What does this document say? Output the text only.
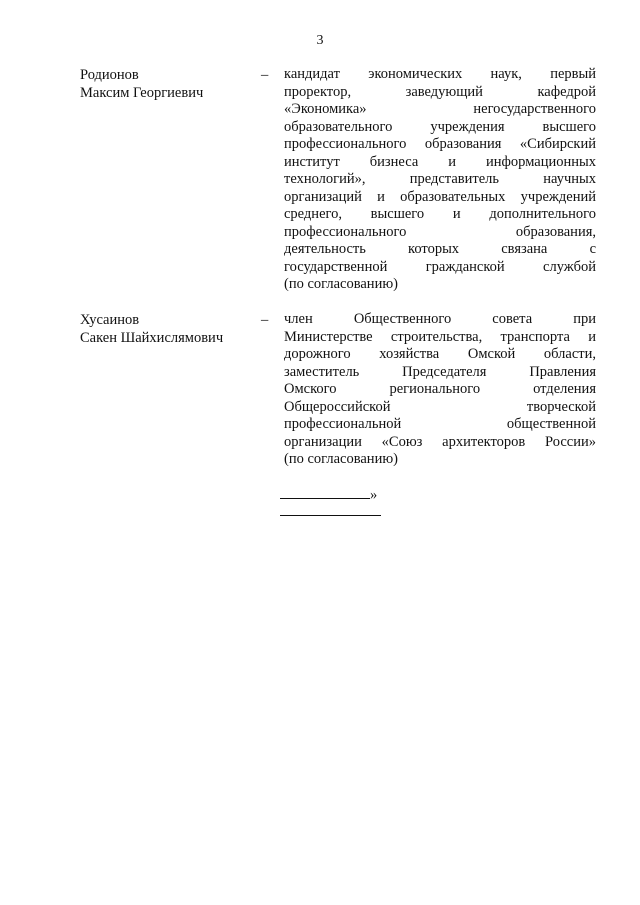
3
Родионов
Максим Георгиевич
– кандидат экономических наук, первый
проректор, заведующий кафедрой
«Экономика» негосударственного
образовательного учреждения высшего
профессионального образования «Сибирский
институт бизнеса и информационных
технологий», представитель научных
организаций и образовательных учреждений
среднего, высшего и дополнительного
профессионального образования,
деятельность которых связана с
государственной гражданской службой
(по согласованию)
Хусаинов
Сакен Шайхислямович
– член Общественного совета при
Министерстве строительства, транспорта и
дорожного хозяйства Омской области,
заместитель Председателя Правления
Омского регионального отделения
Общероссийской творческой
профессиональной общественной
организации «Союз архитекторов России»
(по согласованию)
»
